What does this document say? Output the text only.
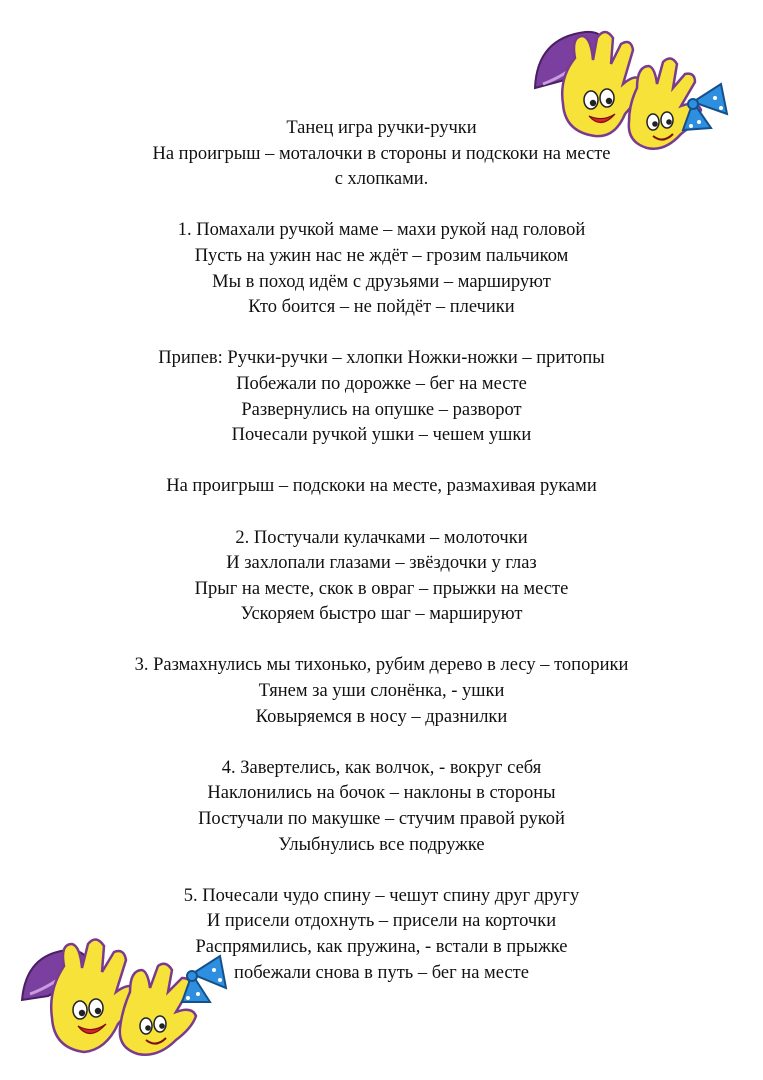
Танец игра ручки-ручки
На проигрыш – моталочки в стороны и подскоки на месте с хлопками.
1. Помахали ручкой маме – махи рукой над головой
Пусть на ужин нас не ждёт – грозим пальчиком
Мы в поход идём с друзьями – маршируют
Кто боится – не пойдёт – плечики
Припев: Ручки-ручки – хлопки Ножки-ножки – притопы
Побежали по дорожке – бег на месте
Развернулись на опушке – разворот
Почесали ручкой ушки – чешем ушки
На проигрыш – подскоки на месте, размахивая руками
2. Постучали кулачками – молоточки
И захлопали глазами – звёздочки у глаз
Прыг на месте, скок в овраг – прыжки на месте
Ускоряем быстро шаг – маршируют
3. Размахнулись мы тихонько, рубим дерево в лесу – топорики
Тянем за уши слонёнка, - ушки
Ковыряемся в носу – дразнилки
4. Завертелись, как волчок, - вокруг себя
Наклонились на бочок – наклоны в стороны
Постучали по макушке – стучим правой рукой
Улыбнулись все подружке
5. Почесали чудо спину – чешут спину друг другу
И присели отдохнуть – присели на корточки
Распрямились, как пружина, - встали в прыжке
побежали снова в путь – бег на месте
